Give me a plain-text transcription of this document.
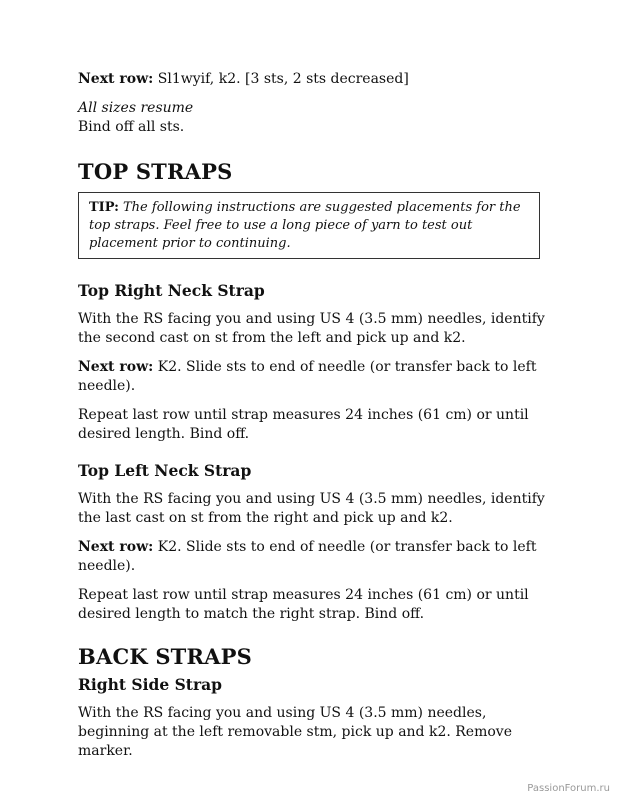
Next row: Sl1wyif, k2. [3 sts, 2 sts decreased]

All sizes resume

Bind off all sts.

TOP STRAPS
TIP: The following instructions are suggested placements for the top straps. Feel free to use a long piece of yarn to test out placement prior to continuing.
Top Right Neck Strap

With the RS facing you and using US 4 (3.5 mm) needles, identify the second cast on st from the left and pick up and k2.

Next row: K2. Slide sts to end of needle (or transfer back to left needle).

Repeat last row until strap measures 24 inches (61 cm) or until desired length. Bind off.

Top Left Neck Strap

With the RS facing you and using US 4 (3.5 mm) needles, identify the last cast on st from the right and pick up and k2.

Next row: K2. Slide sts to end of needle (or transfer back to left needle).

Repeat last row until strap measures 24 inches (61 cm) or until desired length to match the right strap. Bind off.

BACK STRAPS
Right Side Strap

With the RS facing you and using US 4 (3.5 mm) needles, beginning at the left removable stm, pick up and k2. Remove marker.

PassionForum.ru
